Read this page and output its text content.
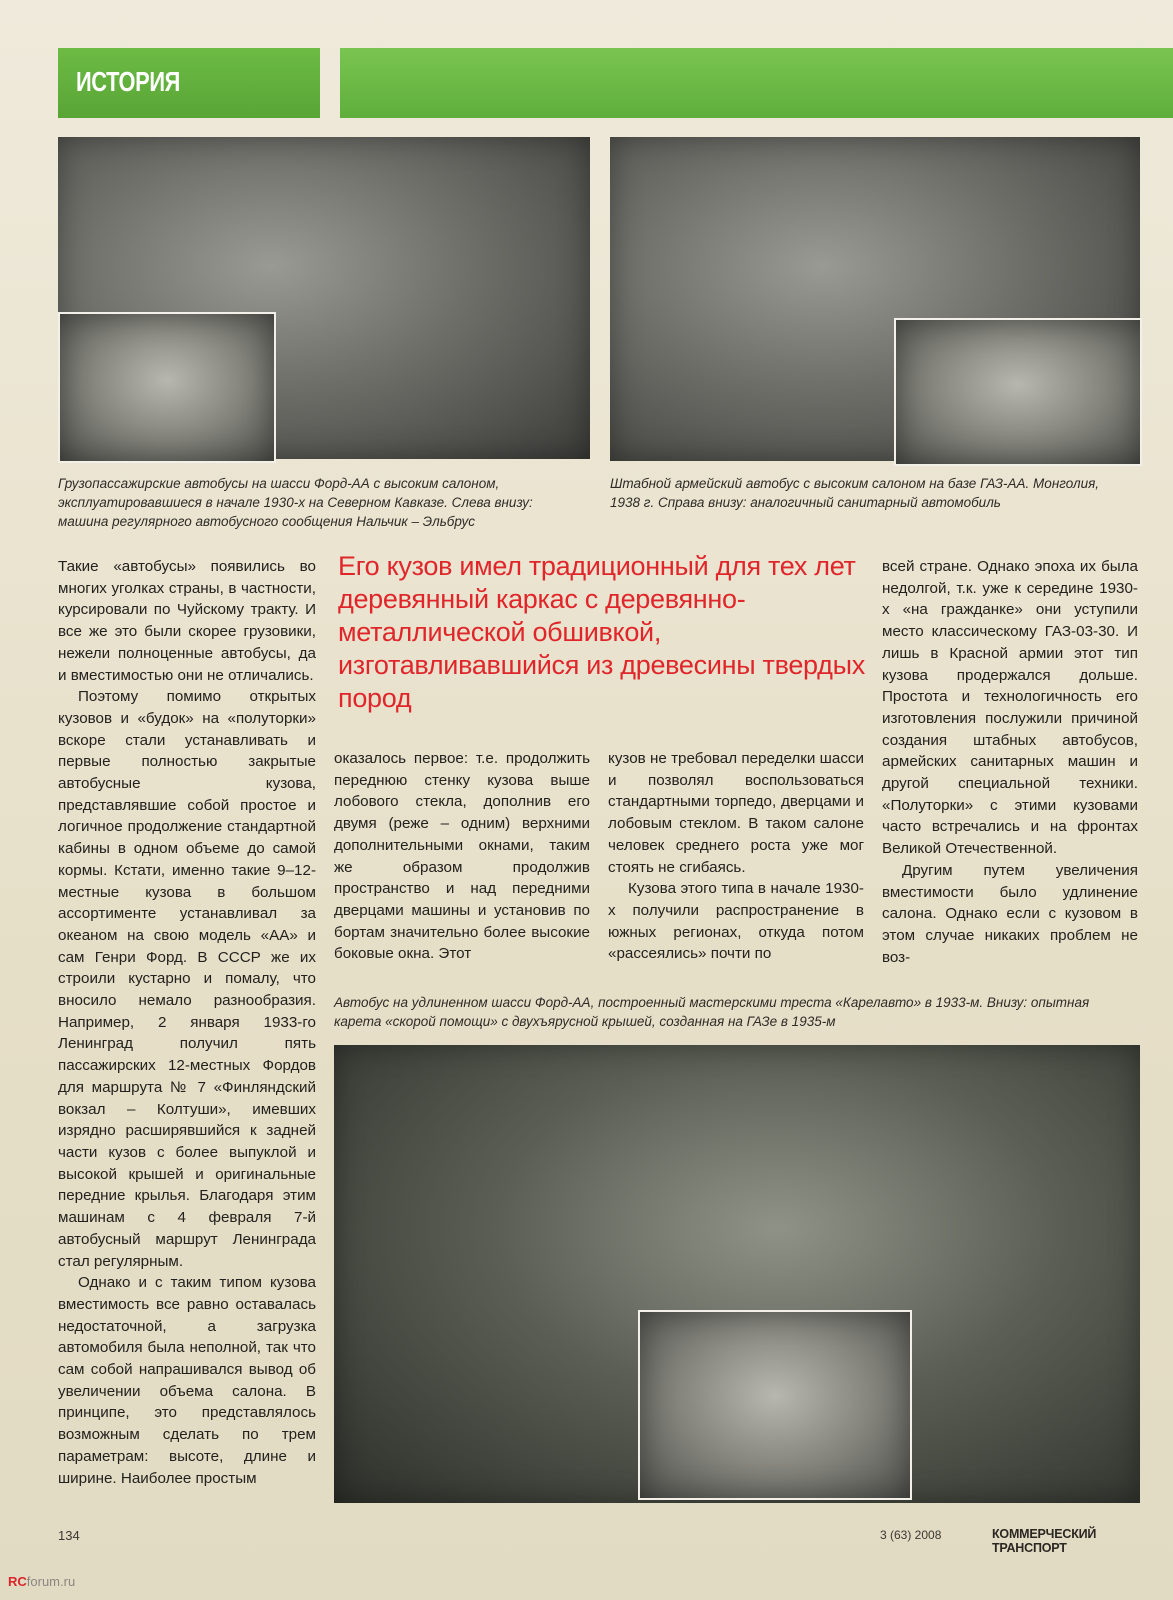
ИСТОРИЯ
Грузопассажирские автобусы на шасси Форд-АА с высоким салоном, эксплуатировавшиеся в начале 1930-х на Северном Кавказе. Слева внизу: машина регулярного автобусного сообщения Нальчик – Эльбрус
Штабной армейский автобус с высоким салоном на базе ГАЗ-АА. Монголия, 1938 г. Справа внизу: аналогичный санитарный автомобиль

Такие «автобусы» появились во многих уголках страны, в частности, курсировали по Чуйскому тракту. И все же это были скорее грузовики, нежели полноценные автобусы, да и вместимостью они не отличались.

Поэтому помимо открытых кузовов и «будок» на «полуторки» вскоре стали устанавливать и первые полностью закрытые автобусные кузова, представлявшие собой простое и логичное продолжение стандартной кабины в одном объеме до самой кормы. Кстати, именно такие 9–12-местные кузова в большом ассортименте устанавливал за океаном на свою модель «АА» и сам Генри Форд. В СССР же их строили кустарно и помалу, что вносило немало разнообразия. Например, 2 января 1933-го Ленинград получил пять пассажирских 12-местных Фордов для маршрута № 7 «Финляндский вокзал – Колтуши», имевших изрядно расширявшийся к задней части кузов с более выпуклой и высокой крышей и оригинальные передние крылья. Благодаря этим машинам с 4 февраля 7-й автобусный маршрут Ленинграда стал регулярным.

Однако и с таким типом кузова вместимость все равно оставалась недостаточной, а загрузка автомобиля была неполной, так что сам собой напрашивался вывод об увеличении объема салона. В принципе, это представлялось возможным сделать по трем параметрам: высоте, длине и ширине. Наиболее простым

Его кузов имел традиционный для тех лет деревянный каркас с деревянно-металлической обшивкой, изготавливавшийся из древесины твердых пород

оказалось первое: т.е. продолжить переднюю стенку кузова выше лобового стекла, дополнив его двумя (реже – одним) верхними дополнительными окнами, таким же образом продолжив пространство и над передними дверцами машины и установив по бортам значительно более высокие боковые окна. Этот

кузов не требовал переделки шасси и позволял воспользоваться стандартными торпедо, дверцами и лобовым стеклом. В таком салоне человек среднего роста уже мог стоять не сгибаясь.

Кузова этого типа в начале 1930-х получили распространение в южных регионах, откуда потом «рассеялись» почти по

всей стране. Однако эпоха их была недолгой, т.к. уже к середине 1930-х «на гражданке» они уступили место классическому ГАЗ-03-30. И лишь в Красной армии этот тип кузова продержался дольше. Простота и технологичность его изготовления послужили причиной создания штабных автобусов, армейских санитарных машин и другой специальной техники. «Полуторки» с этими кузовами часто встречались и на фронтах Великой Отечественной.

Другим путем увеличения вместимости было удлинение салона. Однако если с кузовом в этом случае никаких проблем не воз-

Автобус на удлиненном шасси Форд-АА, построенный мастерскими треста «Карелавто» в 1933-м. Внизу: опытная карета «скорой помощи» с двухъярусной крышей, созданная на ГАЗе в 1935-м
134	3 (63) 2008	КОММЕРЧЕСКИЙ ТРАНСПОРТ
RCforum.ru
